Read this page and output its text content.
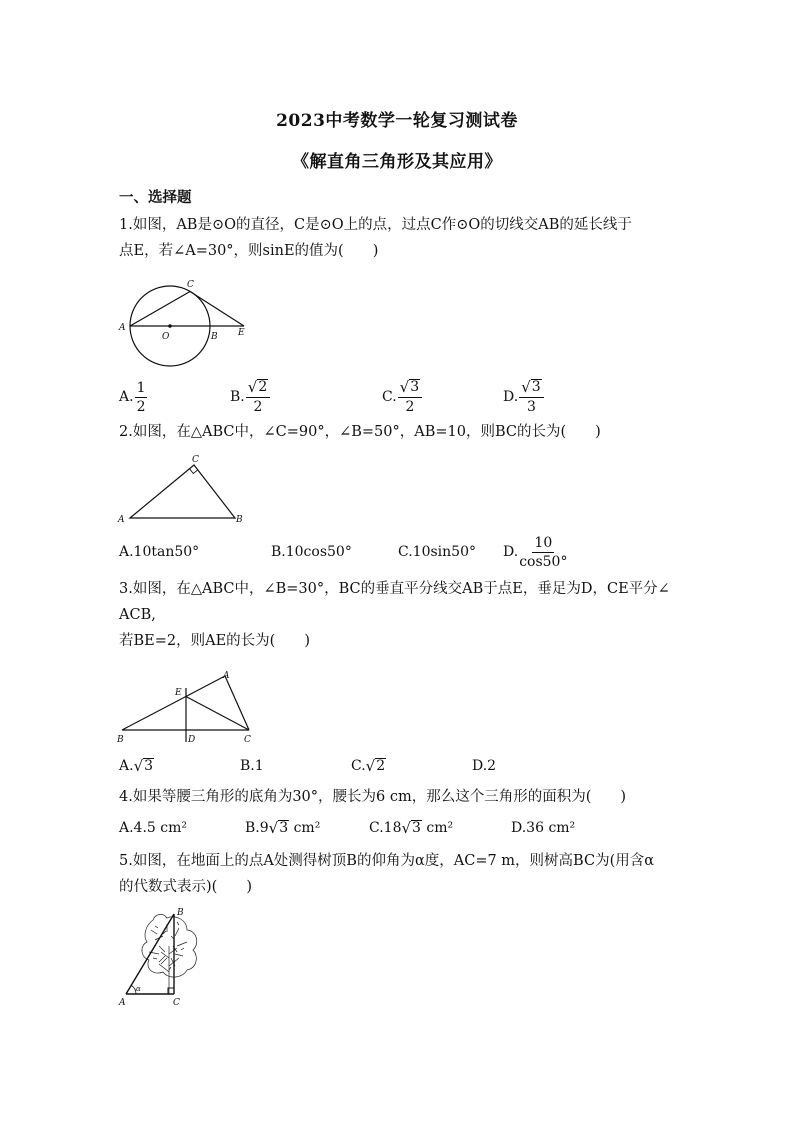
2023中考数学一轮复习测试卷
《解直角三角形及其应用》
一、选择题
1.如图，AB是⊙O的直径，C是⊙O上的点，过点C作⊙O的切线交AB的延长线于
点E，若∠A=30°，则sinE的值为(　　)
A
O	B E
C
A. $\frac{1}{2}$	B. $\frac{√ 2}{2}$	C. $\frac{√ 3}{2}$	D. $\frac{√ 3}{3}$
2.如图，在△ABC中，∠C=90°，∠B=50°，AB=10，则BC的长为(　　)
A	B
C
A.10tan50°	B.10cos50°	C.10sin50° D. $\frac{10}{\cos 50^\circ}$
3.如图，在△ABC中，∠B=30°，BC的垂直平分线交AB于点E，垂足为D，CE平分∠
ACB,
若BE=2，则AE的长为(　　)
B	D	C
A
E
A. √ 3	B.1	C. √ 2	D.2
4.如果等腰三角形的底角为30°，腰长为6 cm，那么这个三角形的面积为(　　)
A.4.5 cm²	B.9 √ 3 cm²	C.18 √ 3 cm²	D.36 cm²
5.如图，在地面上的点A处测得树顶B的仰角为α度，AC=7 m，则树高BC为(用含α
的代数式表示)(　　)
α
A	C
B
